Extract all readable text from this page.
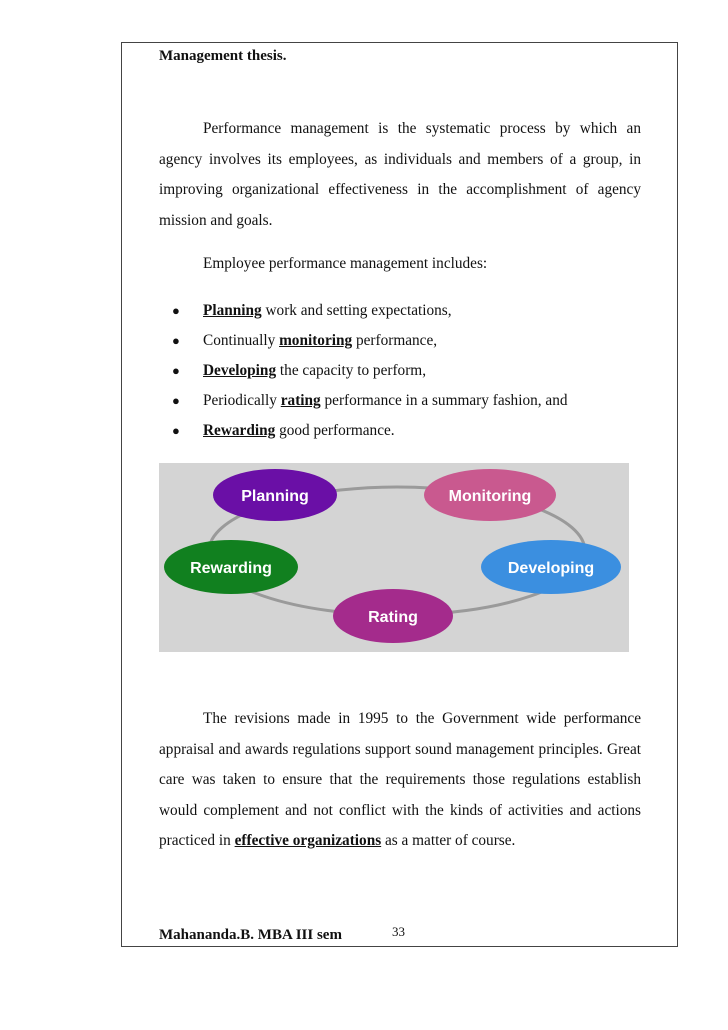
Management thesis.

Performance management is the systematic process by which an agency involves its employees, as individuals and members of a group, in improving organizational effectiveness in the accomplishment of agency mission and goals.

Employee performance management includes:

● Planning work and setting expectations,
● Continually monitoring performance,
● Developing the capacity to perform,
● Periodically rating performance in a summary fashion, and
● Rewarding good performance.
Planning	Monitoring
Developing
Rating
Rewarding

The revisions made in 1995 to the Government wide performance appraisal and awards regulations support sound management principles. Great care was taken to ensure that the requirements those regulations establish would complement and not conflict with the kinds of activities and actions practiced in effective organizations as a matter of course.

Mahananda.B. MBA III sem	33
